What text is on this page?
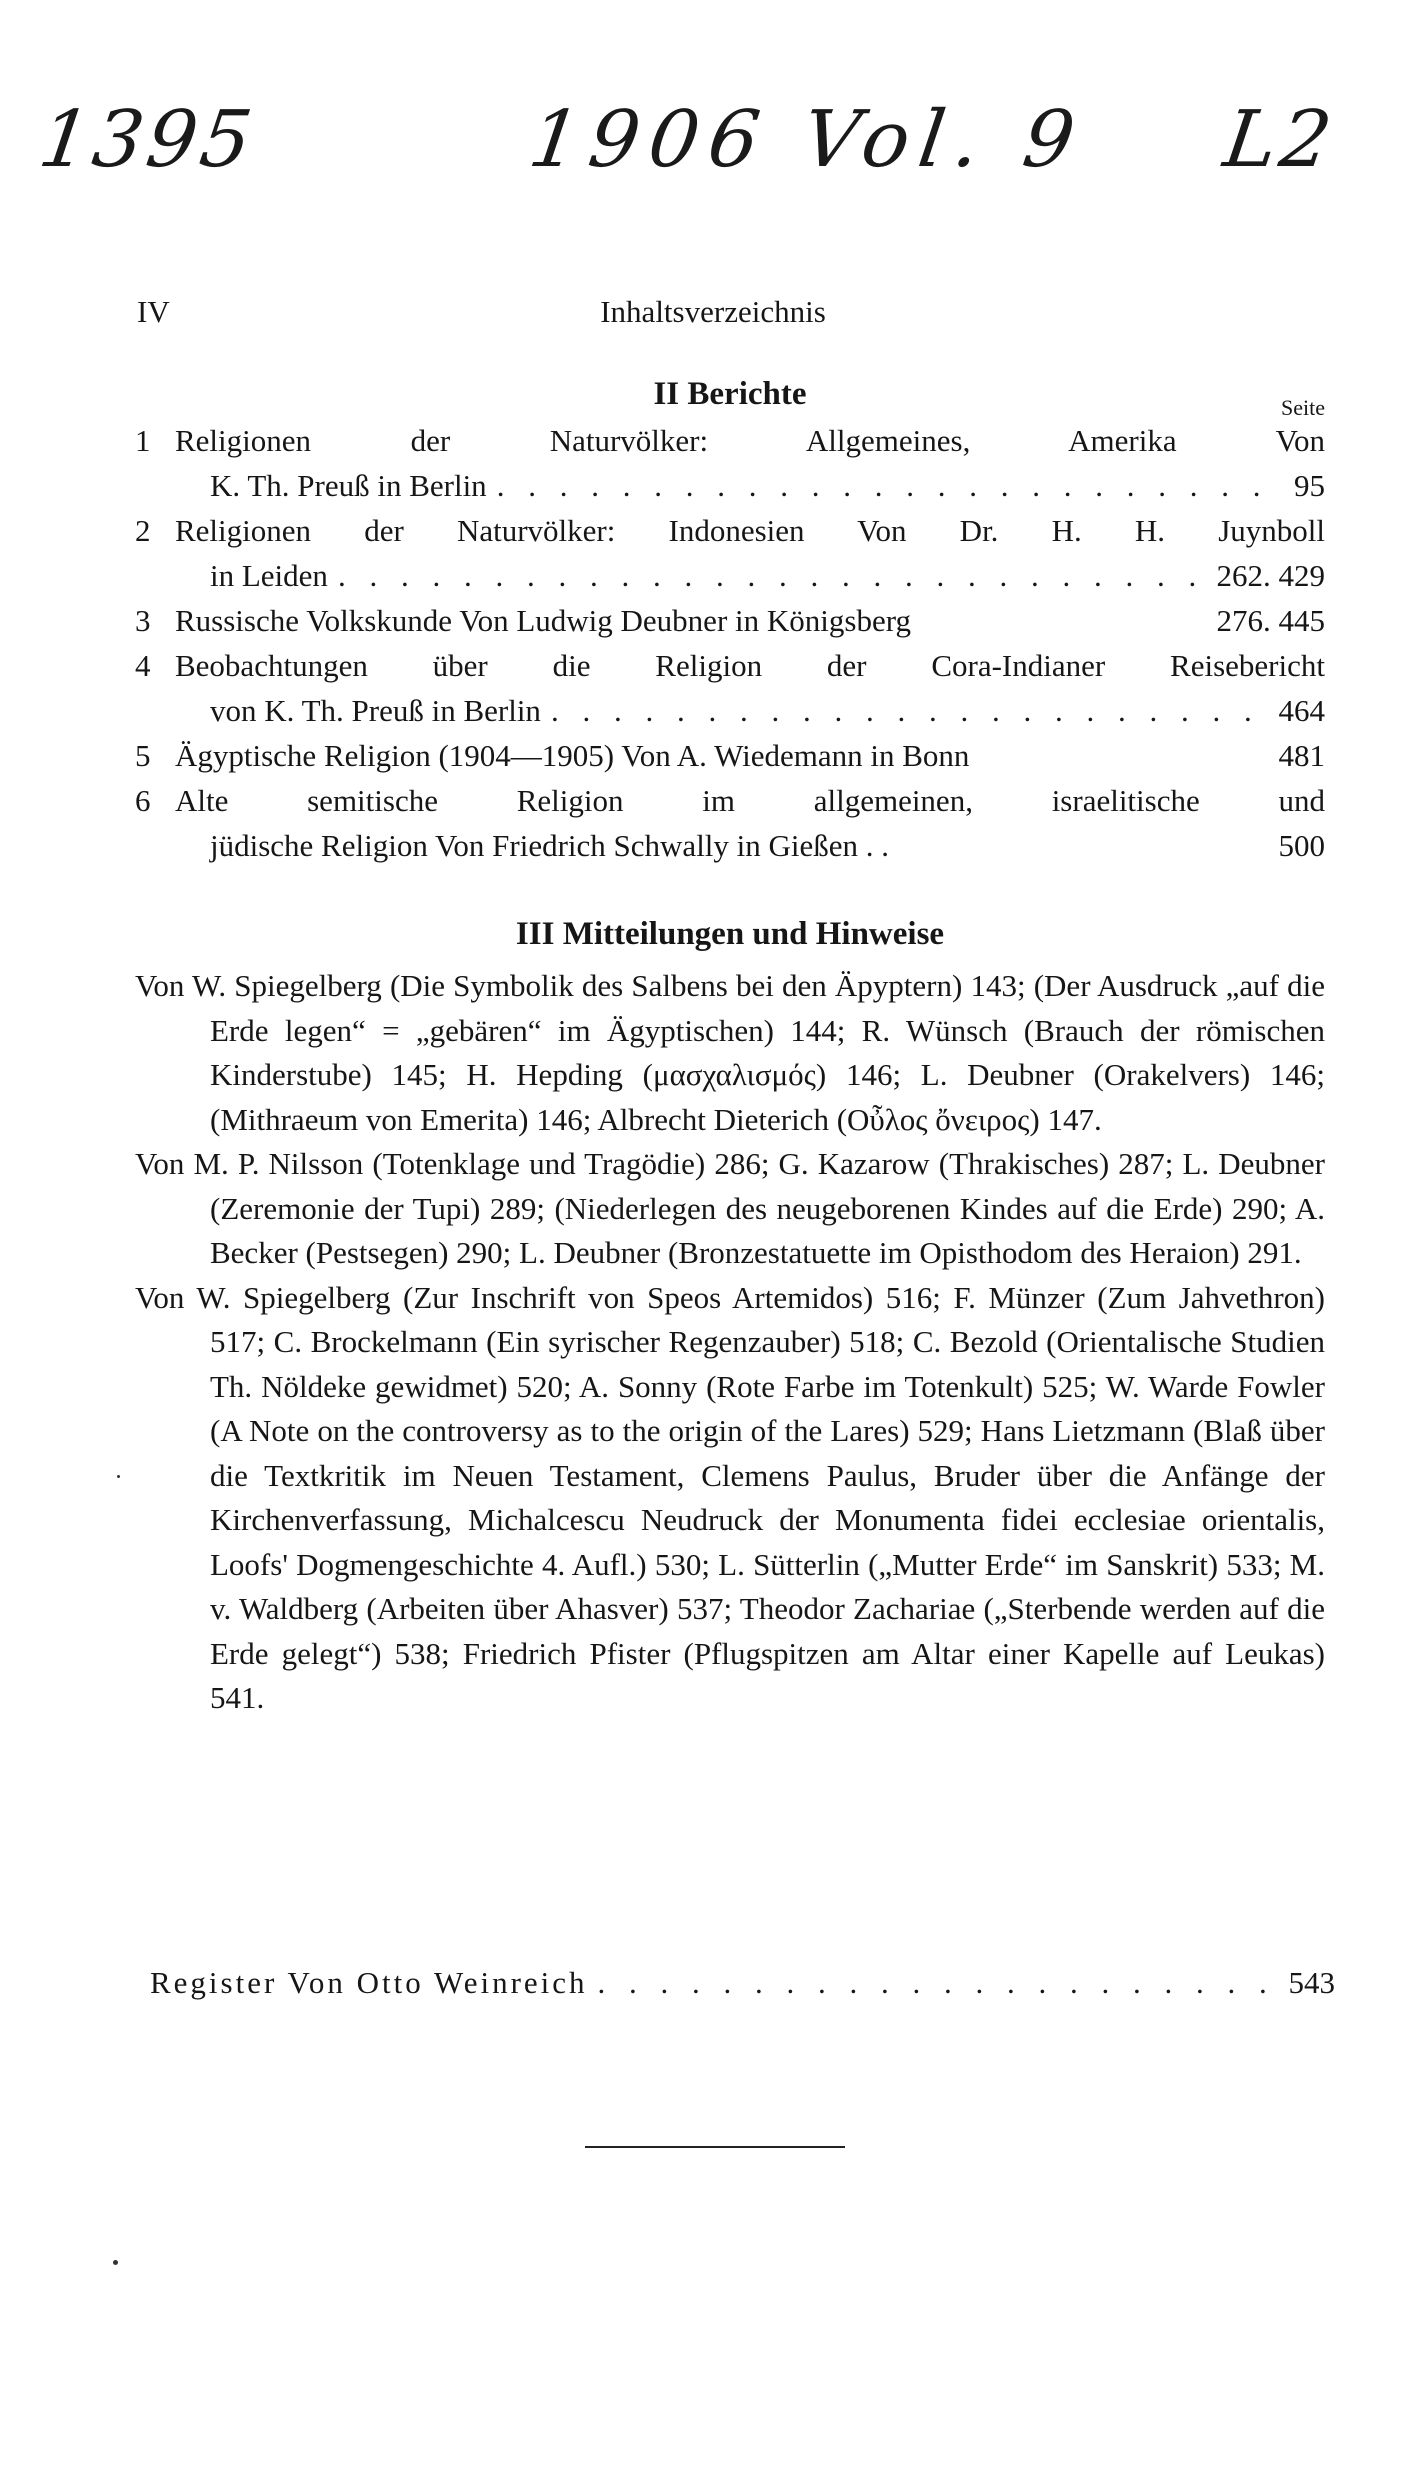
1395	1906 Vol. 9 L2
IV	Inhaltsverzeichnis
II Berichte	Seite
1 Religionen der Naturvölker: Allgemeines, Amerika Von
K. Th. Preuß in Berlin . . .	95
2 Religionen der Naturvölker: Indonesien Von Dr. H. H. Juynboll
in Leiden . . .	262. 429
3 Russische Volkskunde Von Ludwig Deubner in Königsberg	276. 445
4 Beobachtungen über die Religion der Cora-Indianer Reisebericht
von K. Th. Preuß in Berlin . . .	464
5 Ägyptische Religion (1904—1905) Von A. Wiedemann in Bonn	481
6 Alte semitische Religion im allgemeinen, israelitische und
jüdische Religion Von Friedrich Schwally in Gießen . .	500
III Mitteilungen und Hinweise

Von W. Spiegelberg (Die Symbolik des Salbens bei den Äpyptern) 143; (Der Ausdruck „auf die Erde legen“ = „gebären“ im Ägyptischen) 144; R. Wünsch (Brauch der römischen Kinderstube) 145; H. Hepding (μασχαλισμός) 146; L. Deubner (Orakelvers) 146; (Mithraeum von Emerita) 146; Albrecht Dieterich (Οὖλος ὄνειρος) 147.

Von M. P. Nilsson (Totenklage und Tragödie) 286; G. Kazarow (Thrakisches) 287; L. Deubner (Zeremonie der Tupi) 289; (Niederlegen des neugeborenen Kindes auf die Erde) 290; A. Becker (Pestsegen) 290; L. Deubner (Bronzestatuette im Opisthodom des Heraion) 291.

Von W. Spiegelberg (Zur Inschrift von Speos Artemidos) 516; F. Münzer (Zum Jahvethron) 517; C. Brockelmann (Ein syrischer Regenzauber) 518; C. Bezold (Orientalische Studien Th. Nöldeke gewidmet) 520; A. Sonny (Rote Farbe im Totenkult) 525; W. Warde Fowler (A Note on the controversy as to the origin of the Lares) 529; Hans Lietzmann (Blaß über die Textkritik im Neuen Testament, Clemens Paulus, Bruder über die Anfänge der Kirchenverfassung, Michalcescu Neudruck der Monumenta fidei ecclesiae orientalis, Loofs' Dogmengeschichte 4. Aufl.) 530; L. Sütterlin („Mutter Erde“ im Sanskrit) 533; M. v. Waldberg (Arbeiten über Ahasver) 537; Theodor Zachariae („Sterbende werden auf die Erde gelegt“) 538; Friedrich Pfister (Pflugspitzen am Altar einer Kapelle auf Leukas) 541.

Register Von Otto Weinreich . . .	543
